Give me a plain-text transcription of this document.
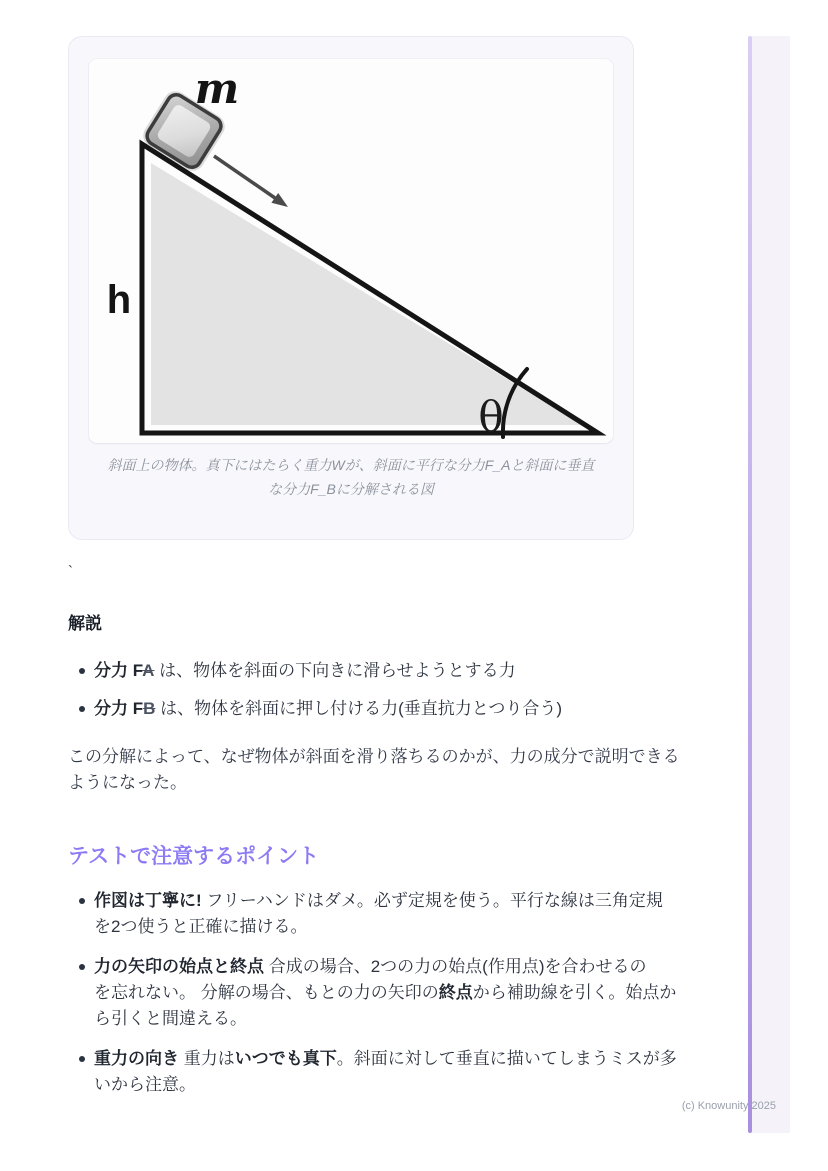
m
h
θ
斜面上の物体。真下にはたらく重力Wが、斜面に平行な分力F_Aと斜面に垂直
な分力F_Bに分解される図
`
解説
分力 FA は、物体を斜面の下向きに滑らせようとする力
分力 FB は、物体を斜面に押し付ける力(垂直抗力とつり合う)

この分解によって、なぜ物体が斜面を滑り落ちるのかが、力の成分で説明できる
ようになった。

テストで注意するポイント
作図は丁寧に! フリーハンドはダメ。必ず定規を使う。平行な線は三角定規
を2つ使うと正確に描ける。
力の矢印の始点と終点 合成の場合、2つの力の始点(作用点)を合わせるの
を忘れない。 分解の場合、もとの力の矢印の終点から補助線を引く。始点か
ら引くと間違える。
重力の向き 重力はいつでも真下。斜面に対して垂直に描いてしまうミスが多
いから注意。
(c) Knowunity 2025
